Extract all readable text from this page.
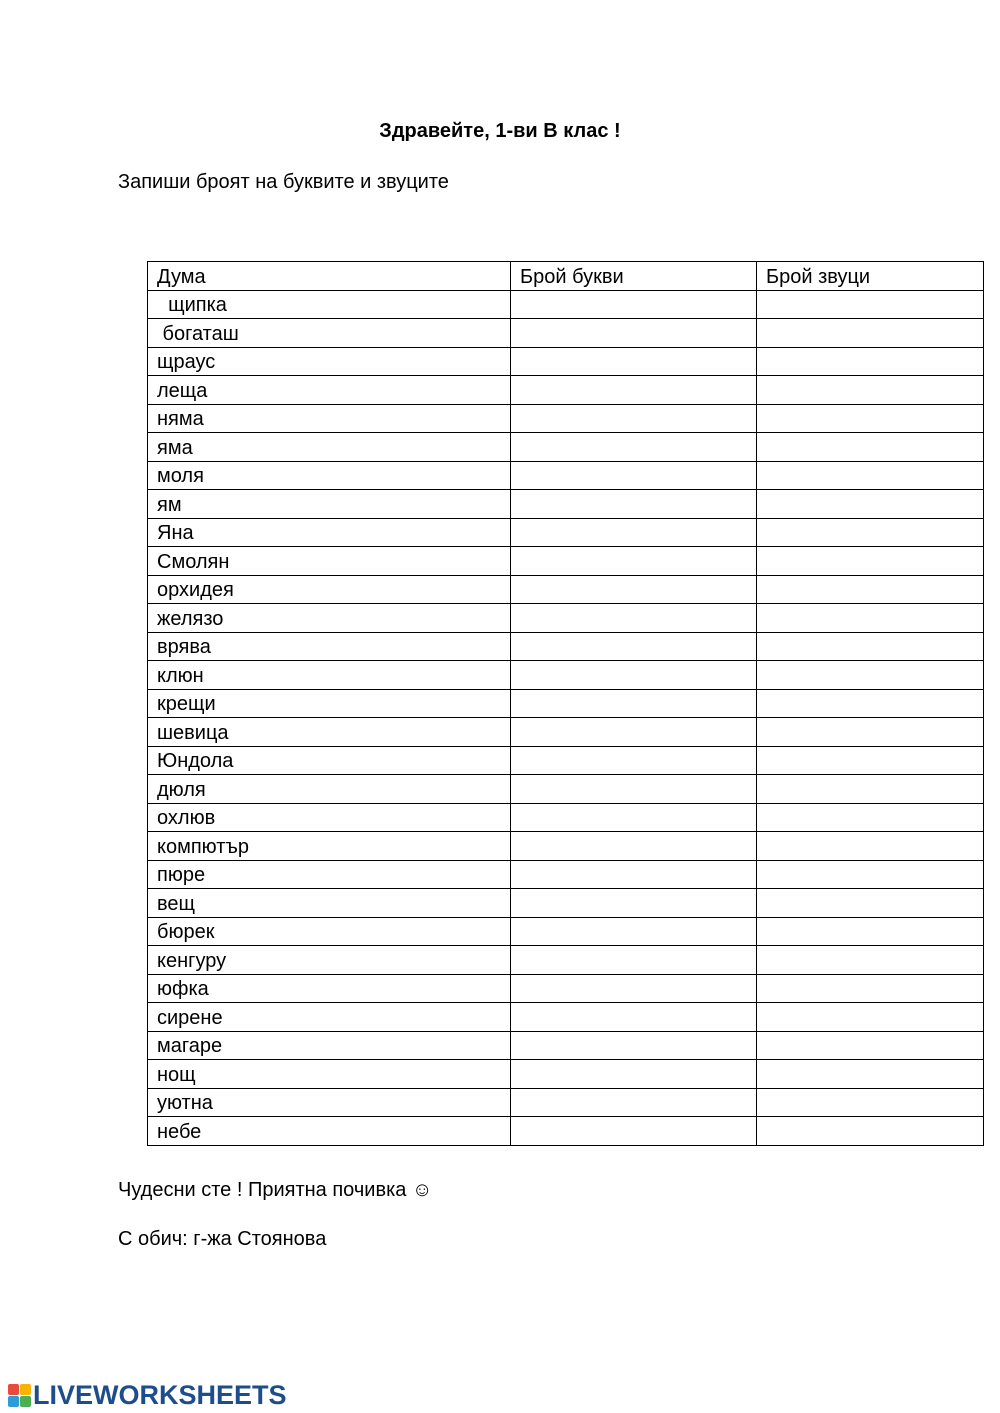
Здравейте, 1-ви В клас !
Запиши броят на буквите и звуците
Дума	Брой букви	Брой звуци
щипка		
богаташ		
щраус		
леща		
няма		
яма		
моля		
ям		
Яна		
Смолян		
орхидея		
желязо		
врява		
клюн		
крещи		
шевица		
Юндола		
дюля		
охлюв		
компютър		
пюре		
вещ		
бюрек		
кенгуру		
юфка		
сирене		
магаре		
нощ		
уютна		
небе		
Чудесни сте ! Приятна почивка ☺
С обич: г-жа Стоянова
LIVEWORKSHEETS
